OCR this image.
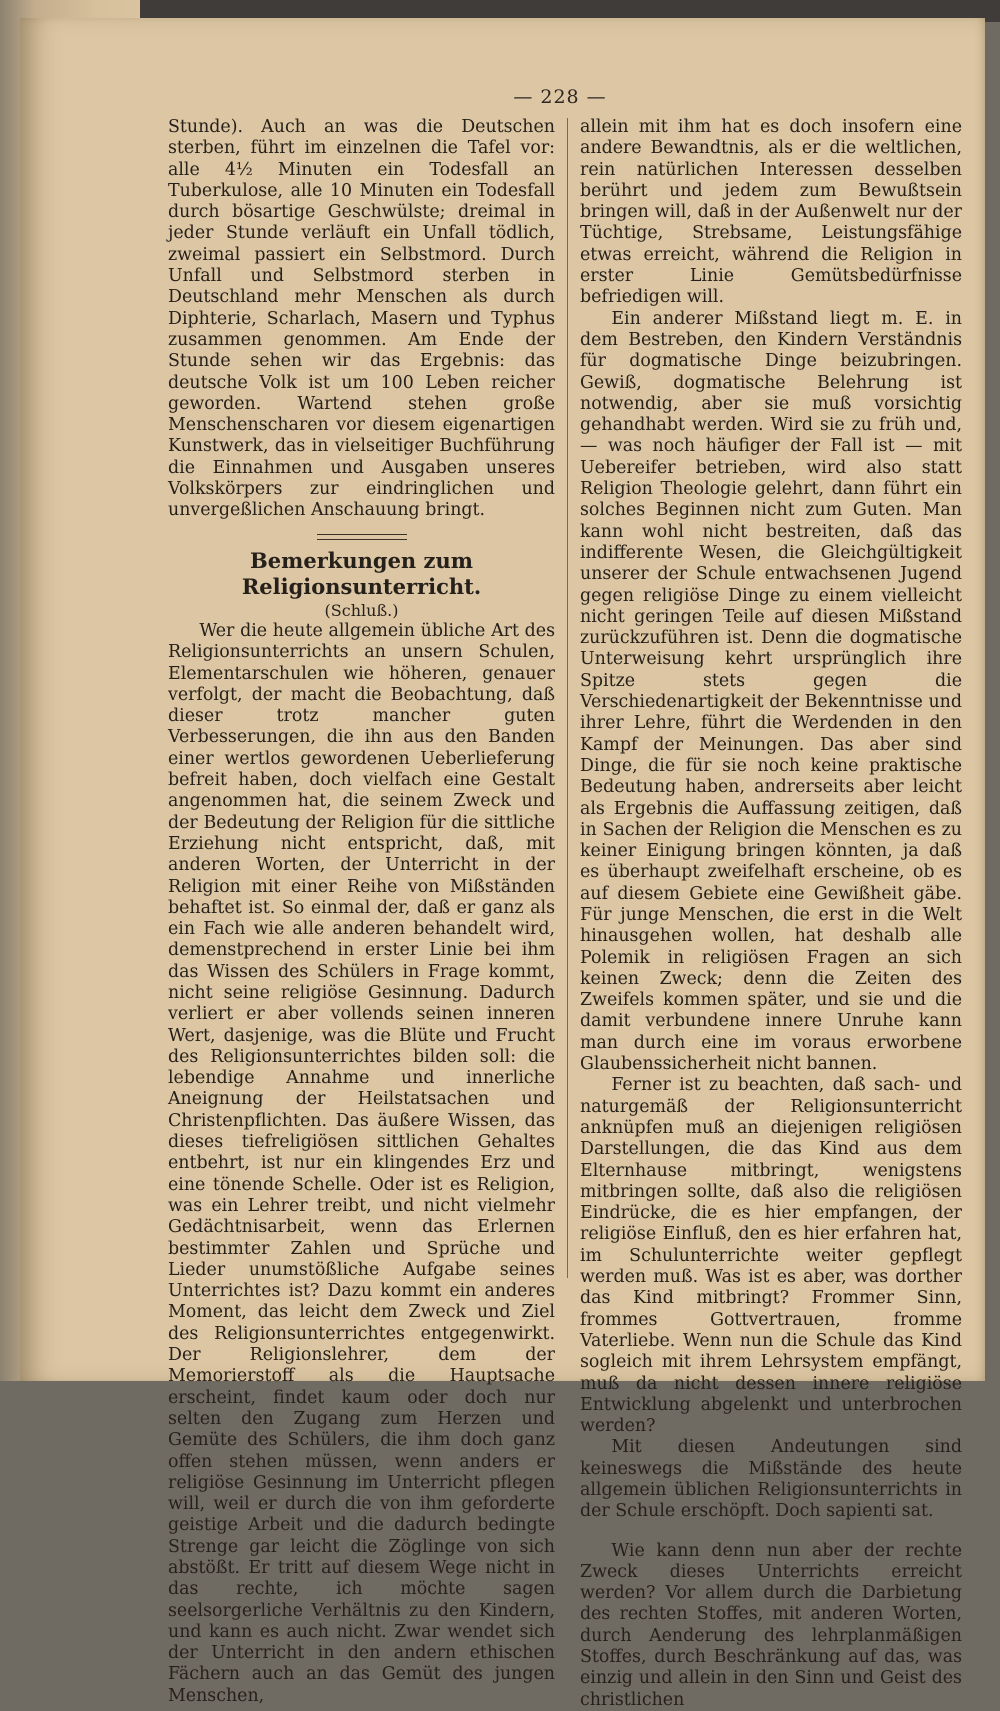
— 228 —

Stunde). Auch an was die Deutschen sterben, führt im einzelnen die Tafel vor: alle 4½ Minuten ein Todesfall an Tuberkulose, alle 10 Minuten ein Todesfall durch bösartige Geschwülste; dreimal in jeder Stunde verläuft ein Unfall tödlich, zweimal passiert ein Selbstmord. Durch Unfall und Selbstmord sterben in Deutschland mehr Menschen als durch Diphterie, Scharlach, Masern und Typhus zusammen genommen. Am Ende der Stunde sehen wir das Ergebnis: das deutsche Volk ist um 100 Leben reicher geworden. Wartend stehen große Menschenscharen vor diesem eigenartigen Kunstwerk, das in vielseitiger Buchführung die Einnahmen und Ausgaben unseres Volkskörpers zur eindringlichen und unvergeßlichen Anschauung bringt.

Bemerkungen zum Religionsunterricht.

(Schluß.)

Wer die heute allgemein übliche Art des Religionsunterrichts an unsern Schulen, Elementarschulen wie höheren, genauer verfolgt, der macht die Beobachtung, daß dieser trotz mancher guten Verbesserungen, die ihn aus den Banden einer wertlos gewordenen Ueberlieferung befreit haben, doch vielfach eine Gestalt angenommen hat, die seinem Zweck und der Bedeutung der Religion für die sittliche Erziehung nicht entspricht, daß, mit anderen Worten, der Unterricht in der Religion mit einer Reihe von Mißständen behaftet ist. So einmal der, daß er ganz als ein Fach wie alle anderen behandelt wird, demenstprechend in erster Linie bei ihm das Wissen des Schülers in Frage kommt, nicht seine religiöse Gesinnung. Dadurch verliert er aber vollends seinen inneren Wert, dasjenige, was die Blüte und Frucht des Religionsunterrichtes bilden soll: die lebendige Annahme und innerliche Aneignung der Heilstatsachen und Christenpflichten. Das äußere Wissen, das dieses tiefreligiösen sittlichen Gehaltes entbehrt, ist nur ein klingendes Erz und eine tönende Schelle. Oder ist es Religion, was ein Lehrer treibt, und nicht vielmehr Gedächtnisarbeit, wenn das Erlernen bestimmter Zahlen und Sprüche und Lieder unumstößliche Aufgabe seines Unterrichtes ist? Dazu kommt ein anderes Moment, das leicht dem Zweck und Ziel des Religionsunterrichtes entgegenwirkt. Der Religionslehrer, dem der Memorierstoff als die Hauptsache erscheint, findet kaum oder doch nur selten den Zugang zum Herzen und Gemüte des Schülers, die ihm doch ganz offen stehen müssen, wenn anders er religiöse Gesinnung im Unterricht pflegen will, weil er durch die von ihm geforderte geistige Arbeit und die dadurch bedingte Strenge gar leicht die Zöglinge von sich abstößt. Er tritt auf diesem Wege nicht in das rechte, ich möchte sagen seelsorgerliche Verhältnis zu den Kindern, und kann es auch nicht. Zwar wendet sich der Unterricht in den andern ethischen Fächern auch an das Gemüt des jungen Menschen,

allein mit ihm hat es doch insofern eine andere Bewandtnis, als er die weltlichen, rein natürlichen Interessen desselben berührt und jedem zum Bewußtsein bringen will, daß in der Außenwelt nur der Tüchtige, Strebsame, Leistungsfähige etwas erreicht, während die Religion in erster Linie Gemütsbedürfnisse befriedigen will.

Ein anderer Mißstand liegt m. E. in dem Bestreben, den Kindern Verständnis für dogmatische Dinge beizubringen. Gewiß, dogmatische Belehrung ist notwendig, aber sie muß vorsichtig gehandhabt werden. Wird sie zu früh und, — was noch häufiger der Fall ist — mit Uebereifer betrieben, wird also statt Religion Theologie gelehrt, dann führt ein solches Beginnen nicht zum Guten. Man kann wohl nicht bestreiten, daß das indifferente Wesen, die Gleichgültigkeit unserer der Schule entwachsenen Jugend gegen religiöse Dinge zu einem vielleicht nicht geringen Teile auf diesen Mißstand zurückzuführen ist. Denn die dogmatische Unterweisung kehrt ursprünglich ihre Spitze stets gegen die Verschiedenartigkeit der Bekenntnisse und ihrer Lehre, führt die Werdenden in den Kampf der Meinungen. Das aber sind Dinge, die für sie noch keine praktische Bedeutung haben, andrerseits aber leicht als Ergebnis die Auffassung zeitigen, daß in Sachen der Religion die Menschen es zu keiner Einigung bringen könnten, ja daß es überhaupt zweifelhaft erscheine, ob es auf diesem Gebiete eine Gewißheit gäbe. Für junge Menschen, die erst in die Welt hinausgehen wollen, hat deshalb alle Polemik in religiösen Fragen an sich keinen Zweck; denn die Zeiten des Zweifels kommen später, und sie und die damit verbundene innere Unruhe kann man durch eine im voraus erworbene Glaubenssicherheit nicht bannen.

Ferner ist zu beachten, daß sach- und naturgemäß der Religionsunterricht anknüpfen muß an diejenigen religiösen Darstellungen, die das Kind aus dem Elternhause mitbringt, wenigstens mitbringen sollte, daß also die religiösen Eindrücke, die es hier empfangen, der religiöse Einfluß, den es hier erfahren hat, im Schulunterrichte weiter gepflegt werden muß. Was ist es aber, was dorther das Kind mitbringt? Frommer Sinn, frommes Gottvertrauen, fromme Vaterliebe. Wenn nun die Schule das Kind sogleich mit ihrem Lehrsystem empfängt, muß da nicht dessen innere religiöse Entwicklung abgelenkt und unterbrochen werden?

Mit diesen Andeutungen sind keineswegs die Mißstände des heute allgemein üblichen Religionsunterrichts in der Schule erschöpft. Doch sapienti sat.

Wie kann denn nun aber der rechte Zweck dieses Unterrichts erreicht werden? Vor allem durch die Darbietung des rechten Stoffes, mit anderen Worten, durch Aenderung des lehrplanmäßigen Stoffes, durch Beschränkung auf das, was einzig und allein in den Sinn und Geist des christlichen
